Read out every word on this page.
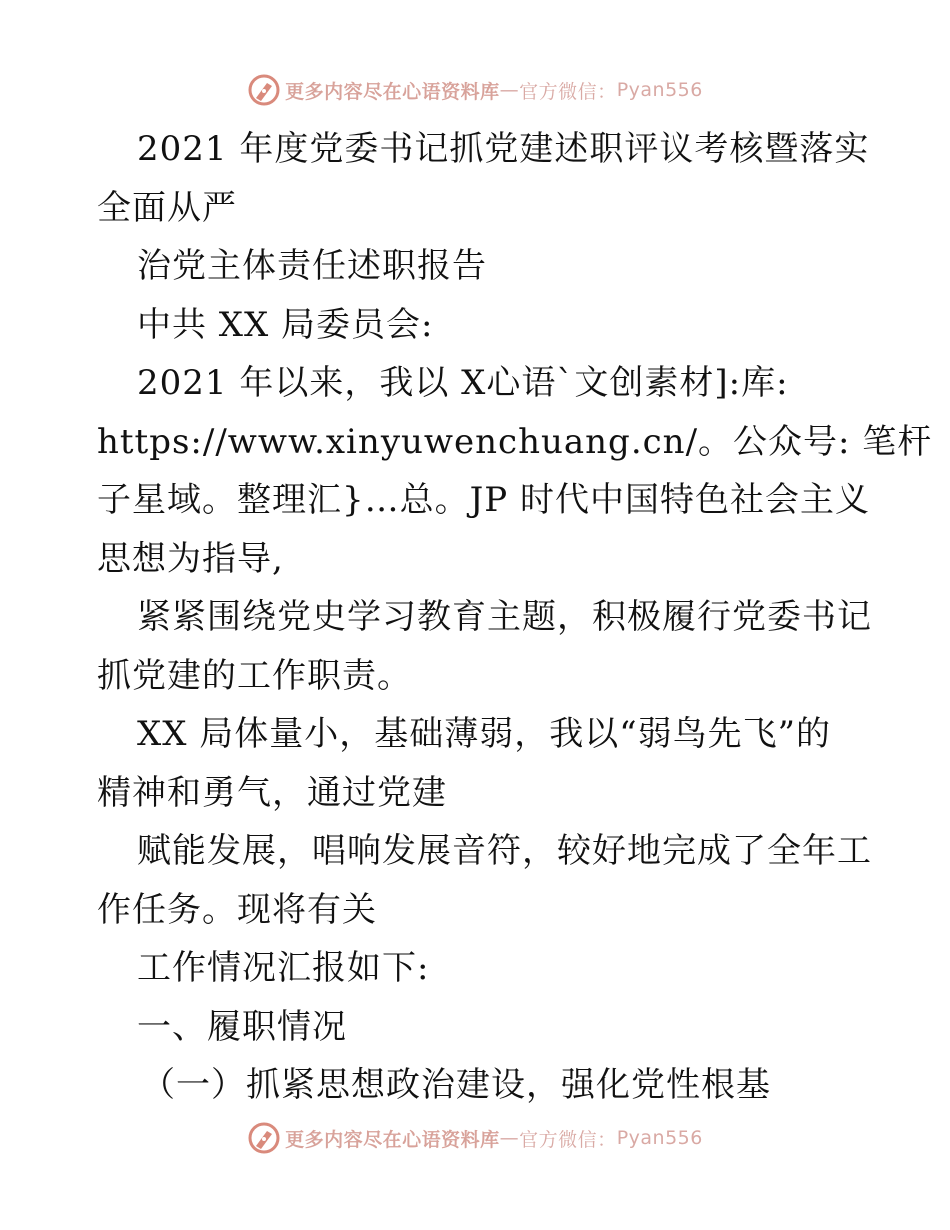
更多内容尽在心语资料库 — 官方微信： Pyan556
2021 年度党委书记抓党建述职评议考核暨落实
全面从严
治党主体责任述职报告
中共 XX 局委员会:
2021 年以来，我以 X心语`文创素材]:库:
https://www.xinyuwenchuang.cn/。公众号: 笔杆
子星域。整理汇}…总。JP 时代中国特色社会主义
思想为指导,
紧紧围绕党史学习教育主题，积极履行党委书记
抓党建的工作职责。
XX 局体量小，基础薄弱，我以“弱鸟先飞”的
精神和勇气，通过党建
赋能发展，唱响发展音符，较好地完成了全年工
作任务。现将有关
工作情况汇报如下:
一、履职情况
（一）抓紧思想政治建设，强化党性根基
更多内容尽在心语资料库 — 官方微信： Pyan556
